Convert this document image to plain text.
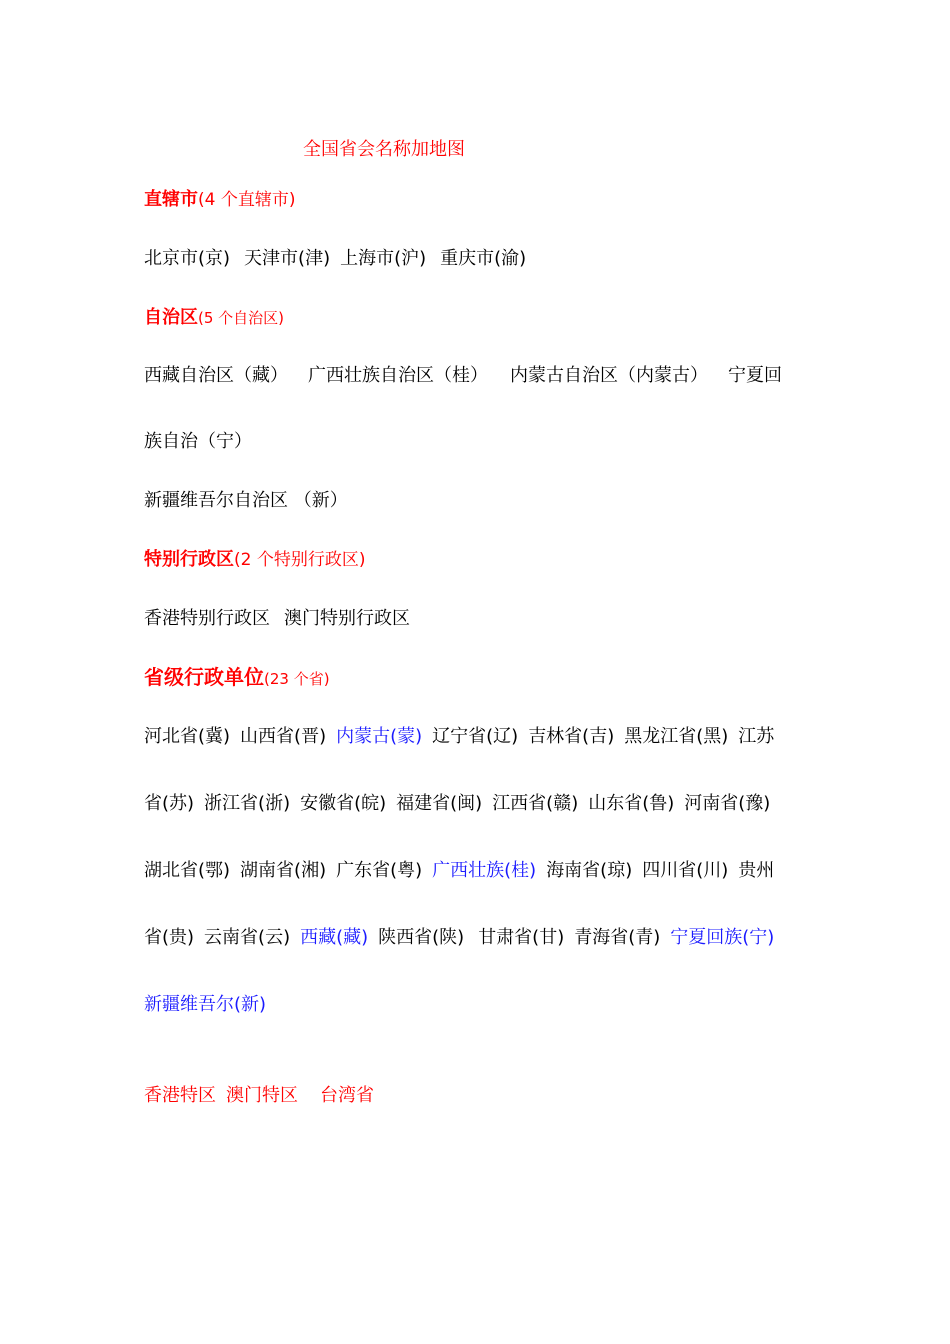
全国省会名称加地图
直辖市(4 个直辖市)
北京市(京) 天津市(津) 上海市(沪) 重庆市(渝)
自治区(5 个自治区)
西藏自治区（藏） 广西壮族自治区（桂） 内蒙古自治区（内蒙古） 宁夏回
族自治（宁）
新疆维吾尔自治区 （新）
特别行政区(2 个特别行政区)
香港特别行政区 澳门特别行政区
省级行政单位(23 个省)
河北省(冀) 山西省(晋) 内蒙古(蒙) 辽宁省(辽) 吉林省(吉) 黑龙江省(黑) 江苏
省(苏) 浙江省(浙) 安徽省(皖) 福建省(闽) 江西省(赣) 山东省(鲁) 河南省(豫)
湖北省(鄂) 湖南省(湘) 广东省(粤) 广西壮族(桂) 海南省(琼) 四川省(川) 贵州
省(贵) 云南省(云) 西藏(藏) 陕西省(陕) 甘肃省(甘) 青海省(青) 宁夏回族(宁)
新疆维吾尔(新)
香港特区 澳门特区 台湾省
